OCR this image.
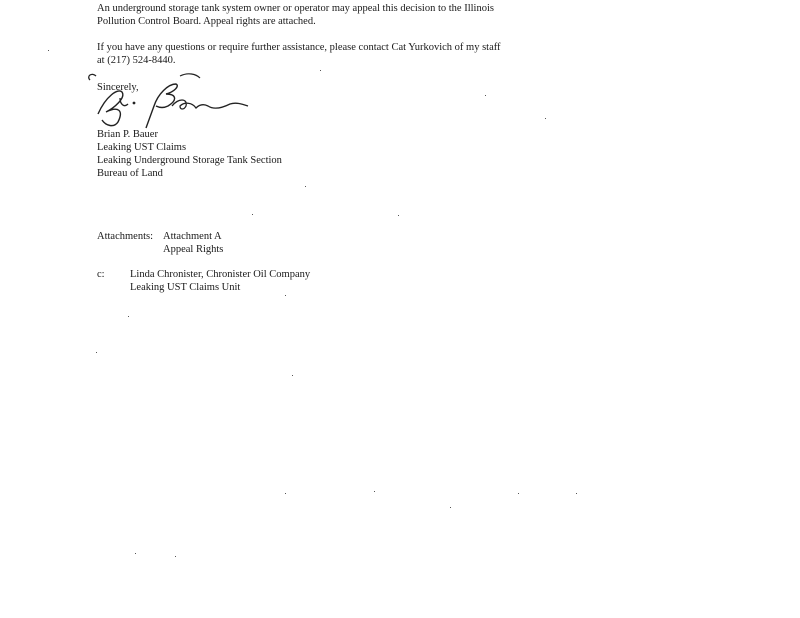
An underground storage tank system owner or operator may appeal this decision to the Illinois
Pollution Control Board. Appeal rights are attached.
If you have any questions or require further assistance, please contact Cat Yurkovich of my staff
at (217) 524-8440.
Sincerely,
Brian P. Bauer
Leaking UST Claims
Leaking Underground Storage Tank Section
Bureau of Land
Attachments: Attachment A
Appeal Rights
c: Linda Chronister, Chronister Oil Company
Leaking UST Claims Unit
